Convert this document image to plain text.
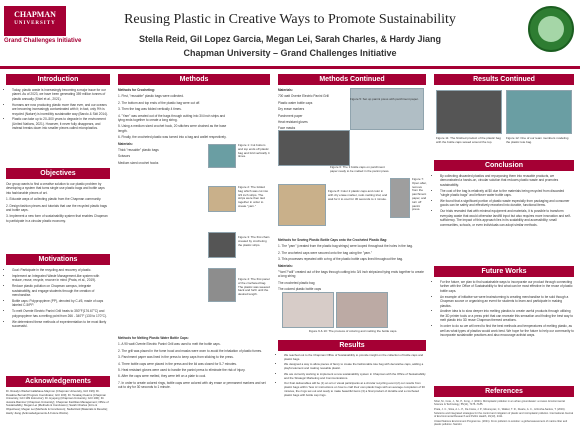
CHAPMAN
UNIVERSITY
Grand Challenges Initiative
Reusing Plastic in Creative Ways to Promote Sustainability
Stella Reid, Gil Lopez Garcia, Megan Lei, Sarah Charles, & Hardy Jiang
Chapman University – Grand Challenges Initiative
Introduction
• Today, plastic waste is increasingly becoming a major issue for our planet. As of 2023, we have been generating 359 million tonnes of plastic annually (Shiel et al., 2021).
• Humans are now producing plastic more than ever, and our oceans are becoming increasingly contaminated with it; in fact, only 9% is recycled (Nature) is incredibly sustainable way (Barolo & Sidi 2014).
• Plastic can take up to 20–500 years to degrade in the environment (United Nations, 2021). However, it never fully disappears, and instead breaks down into smaller pieces called microplastics.
Objectives

Our group wants to find a creative solution to our plastic problem by developing a system that turns single use plastic bags and bottle caps into fashionable pieces of art.

1. Educate ways of collecting plastic from the Chapman community.

2. Design fashion pieces and tutorials that use the recycled plastic bags and bottle caps.

3. Implement a new form of sustainability system that enables Chapman to participate in a circular plastic economy.

Motivations
• Goal: Participate in the recycling and recovery of plastic.
• Implement an Integrated Waste Management-like system with reduce, reuse, recycle, recover in mind (Prata, et al., 2019).
• Reduce plastic pollution on Chapman campus, integrate sustainability, and engage students through the creation of merchandise.
• Bottle caps: Polypropylene (PP), denoted by C-#5, made of caps labeled C-5/PP.
• To melt Ovente Electric Panini Grill heats to 350°F(176.67°C) and polypropylene has a melting point from 266 - 340°F (130 to 170°C).
• We determined these methods of experimentation to be most likely successful.
Acknowledgements
Dr. Rosalyn Wiebel Gallahaue-Maymon (Chapman University, GCI 199); Dr. Rosaline Bernal (Program Coordinator, GCI 100); Dr. Tenakay Kearns (Chapman University, GCI 199 Instructor); Dr. Hyejung (Chapman University, GCI 100); Dr. Jessica Ramirez (Chapman University); Chapman Facilities Management; Office of Sustainability; Megan Lei (Methods & Conclusion); Sarah Charles (Intro & Objectives); Megan Lei (Methods & Conclusion); Stella Reid (Materials & Results); Hardy Jiang (Acknowledgements & Future Works).
Methods

Methods for Crocheting:

1. First, "reusable" plastic bags were collected.

2. The bottom and top ends of the plastic bag were cut off.

3. Then the bag was folded vertically 4 times.

4. "Yarn" was created out of the bags through cutting into 3/4 inch strips and tying ends together to create a long string.

5. Using a medium sized crochet hook, 20 stitches were chained as the base length.

6. Finally, the crocheted plastic was turned into a bag and wallet respectively.

Materials:

Thick "reusable" plastic bags

Scissors

Medium sized crochet hooks

Figure 1: Cut bottom and top ends off plastic bag and fold vertically 4 times.
Figure 2: The folded bag which was cut into 3/4 inch strips. The strips were then tied together in order to create "yarn."
Figure 3: The first chain created by crocheting the plastic strips.
Figure 4: The first panel of the crocheted bag. The plastic was weaved back and forth until the desired length.

Methods for Melting Plastic Water Bottle Caps:

1. A 90 watt Ovente Electric Panini Grill was used to melt the bottle caps.

2. The grill was placed in the fume hood and masks were worn to avoid the inhalation of plastic fumes.

3. Parchment paper was lined in the press to keep caps from sticking to the press.

4. Three bottle caps were placed in the press and the lid was closed for 5-7 minutes.

5. Heat resistant gloves were used to handle the panini press to eliminate the risk of injury.

6. After the caps were melted, they were left on a plate to cool.

7. In order to create colored rings, bottle caps were colored with dry erase or permanent markers and set out to dry for 30 seconds to 1 minute.

Methods Continued

Materials:

700 watt Ovente Electric Panini Grill

Plastic water bottle caps

Dry erase markers

Parchment paper

Heat resistant gloves

Face masks

Figure 5: Set up panini press with parchment paper.
Figure 6: The 3 bottle caps on parchment paper ready to be melted in the panini press.
Figure 7: Open after, remove from the parchment paper, and turn off panini press.
Figure 8: Color 2 plastic caps and color in with dry erase marker, redo melting trial, and wait for it to cool for 30 seconds to 1 minute.

Methods for Sewing Plastic Bottle Caps onto the Crocheted Plastic Bag:

1. The "yarn" (created from the plastic bag strings) were looped throughout the holes in the bag.

2. The crocheted caps were secured onto the bag using the "yarn."

3. This processes repeated with a ring of the plastic bottle caps lined throughout the bag.

Materials:

"Yarn"/"will" created out of the bags through cutting into 3/4 inch strips/and tying ends together to create a long string

The crocheted plastic bag

The colored plastic bottle caps

Figure 9 & 10: The process of coloring and melting the bottle caps.
Results
• We reached out to the Chapman Office of Sustainability to provide insight on the collection of bottle caps and plastic bags.
• We designed a way to allow pieces of fancy to create the fashionable tote bag with decorative caps, adding a playful element and making reusable plastic.
• We are currently working to implement a new sustainability system in Chapman with the Office of Sustainability and the Strategic Marketing and Communications.
• Our final deliverables will be (1) an art or visual participants at a circular recycling event (2) our results from plastic bags within 'how to' instructions on how to craft their own plastic bags with an average completion of 30 minutes, the rings set out and ready to make beautiful items (3) a final product of durable and a crocheted plastic bags with bottle cap rings.
Results Continued
Figure 11: The finished product of the plastic bag with the bottle caps sewed around the top.
Figure 12: One of our team members modeling the plastic tote bag.
Conclusion
• By collecting discarded plastics and repurposing them into reusable products, we demonstrated a hands-on, circular solution that reduces plastic waste and promotes sustainability.
• The cost of the bag is relatively at $0 due to the materials being recycled from discarded "single plastic bags" and leftover water bottle caps.
• We found that a significant portion of plastic waste especially from packaging and consumer goods can be safely and effectively reworked into durable, functional items.
• Our trials revealed that with minimal equipment and materials, it is possible to transform everyday waste that would otherwise landfill input but also requires more innovation and self-sufficiency. The impact of this approach lies in its scalability and accessibility; small communities, schools, or even individuals can adopt similar methods.
Future Works
• For the future, we plan to find sustainable ways to incorporate our product through connecting further with the Office of Sustainability to find what can be most effective in the reuse of plastic bottle caps.
• An example of initiative we were brainstorming is creating merchandise to be sold though a Chapman source or organizing an event for students to learn and participate in making plastics.
• Another idea is to slow deeper into melting plastics to create useful products through utilizing the 3D printer tools or a press print that can recreate this sensation and finding the best way to melt plastic into 3D reuse Chapman themed creations.
• In order to do so we will need to find the best methods and temperatures of melting plastic, as well as what types of plastics would work best. We hope for the future to help our community to incorporate sustainable practices and also encourage activist ways.
References

Shiel, M., Cote, J., Sit, P., Fong, J. (2021). Microplastic pollution in an urban groundwater: a review. Environmental Science & Technology, 55(11), 7175–7185.

Prata, J. C., Silva, A. L. P., Da Costa, J. P., Mouneyrac, C., Walker, T. R., Duarte, A. C., & Rocha-Santos, T. (2019). Solutions and integrated strategies for the control and mitigation of plastic and microplastic pollution. International Journal of Environmental Research and Public Health, 16(13), 2411.

United Nations Environment Programme. (2021). From pollution to solution: a global assessment of marine litter and plastic pollution. Nairobi.
